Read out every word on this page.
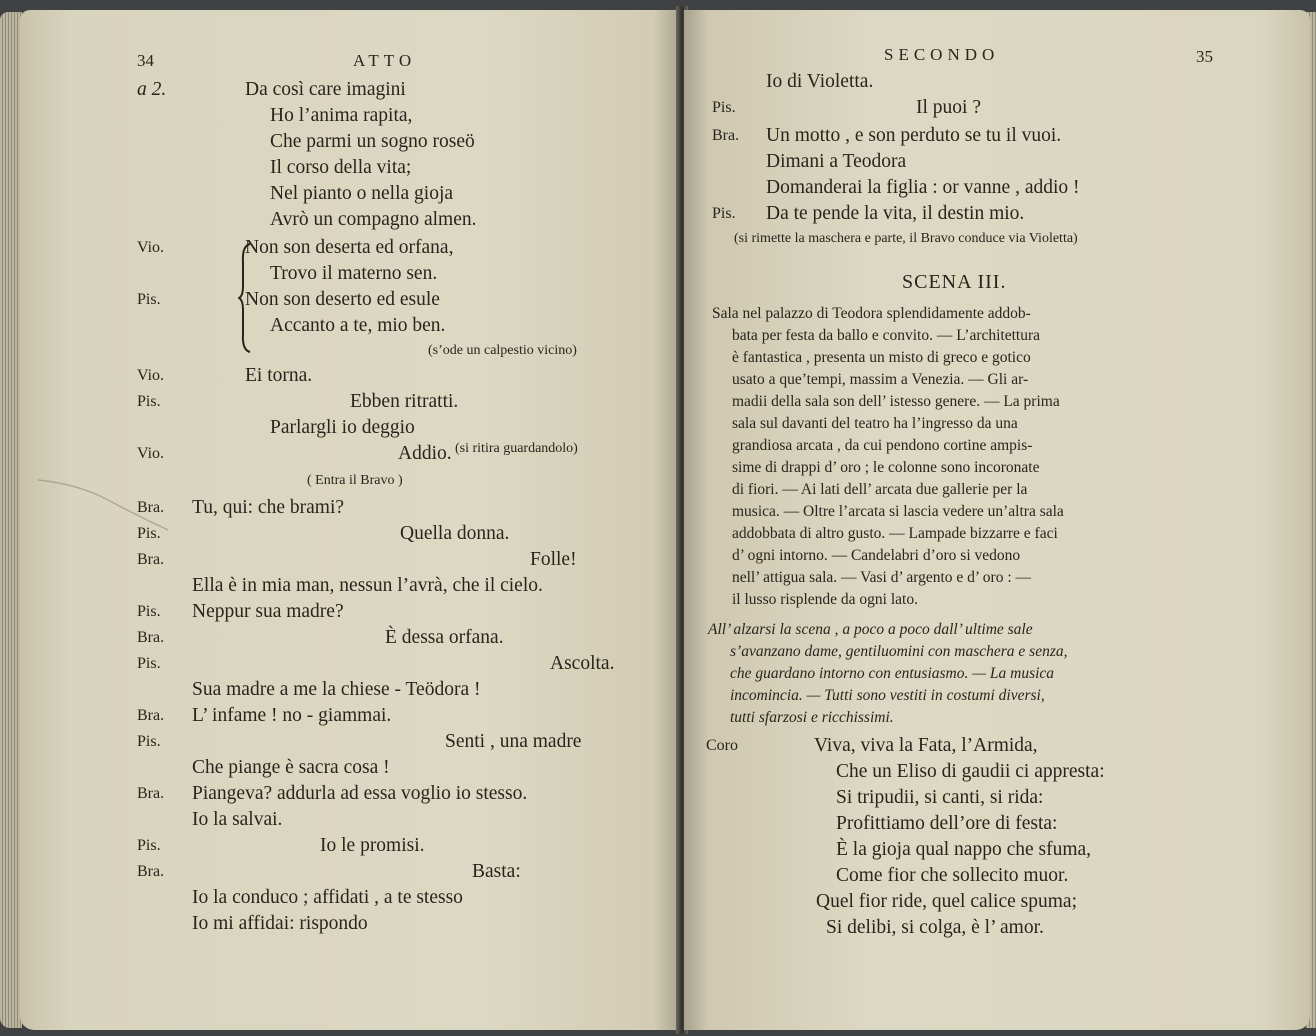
34	ATTO
a 2.	Da così care imagini
Ho l’anima rapita,
Che parmi un sogno roseö
Il corso della vita;
Nel pianto o nella gioja
Avrò un compagno almen.
Vio.	Non son deserta ed orfana,
Trovo il materno sen.
Pis.	Non son deserto ed esule
Accanto a te, mio ben.
(s’ode un calpestio vicino)
Vio.	Ei torna.
Pis.	Ebben ritratti.
Parlargli io deggio
Vio.	Addio. (si ritira guardandolo)
( Entra il Bravo )
Bra. Tu, qui: che brami?
Pis.	Quella donna.
Bra.	Folle!
Ella è in mia man, nessun l’avrà, che il cielo.
Pis. Neppur sua madre?
Bra.	È dessa orfana.
Pis.	Ascolta.
Sua madre a me la chiese - Teödora !
Bra. L’ infame ! no - giammai.
Pis.	Senti , una madre
Che piange è sacra cosa !
Bra. Piangeva? addurla ad essa voglio io stesso.
Io la salvai.
Pis.	Io le promisi.
Bra.	Basta:
Io la conduco ; affidati , a te stesso
Io mi affidai: rispondo
SECONDO	35
Io di Violetta.
Pis.	Il puoi ?
Bra. Un motto , e son perduto se tu il vuoi.
Dimani a Teodora
Domanderai la figlia : or vanne , addio !
Pis. Da te pende la vita, il destin mio.
(si rimette la maschera e parte, il Bravo conduce via Violetta)
SCENA III.
Sala nel palazzo di Teodora splendidamente addob-
bata per festa da ballo e convito. — L’architettura
è fantastica , presenta un misto di greco e gotico
usato a que’tempi, massim a Venezia. — Gli ar-
madii della sala son dell’ istesso genere. — La prima
sala sul davanti del teatro ha l’ingresso da una
grandiosa arcata , da cui pendono cortine ampis-
sime di drappi d’ oro ; le colonne sono incoronate
di fiori. — Ai lati dell’ arcata due gallerie per la
musica. — Oltre l’arcata si lascia vedere un’altra sala
addobbata di altro gusto. — Lampade bizzarre e faci
d’ ogni intorno. — Candelabri d’oro si vedono
nell’ attigua sala. — Vasi d’ argento e d’ oro : —
il lusso risplende da ogni lato.
All’ alzarsi la scena , a poco a poco dall’ ultime sale
s’avanzano dame, gentiluomini con maschera e senza,
che guardano intorno con entusiasmo. — La musica
incomincia. — Tutti sono vestiti in costumi diversi,
tutti sfarzosi e ricchissimi.
Coro	Viva, viva la Fata, l’Armida,
Che un Eliso di gaudii ci appresta:
Si tripudii, si canti, si rida:
Profittiamo dell’ore di festa:
È la gioja qual nappo che sfuma,
Come fior che sollecito muor.
Quel fior ride, quel calice spuma;
Si delibi, si colga, è l’ amor.
